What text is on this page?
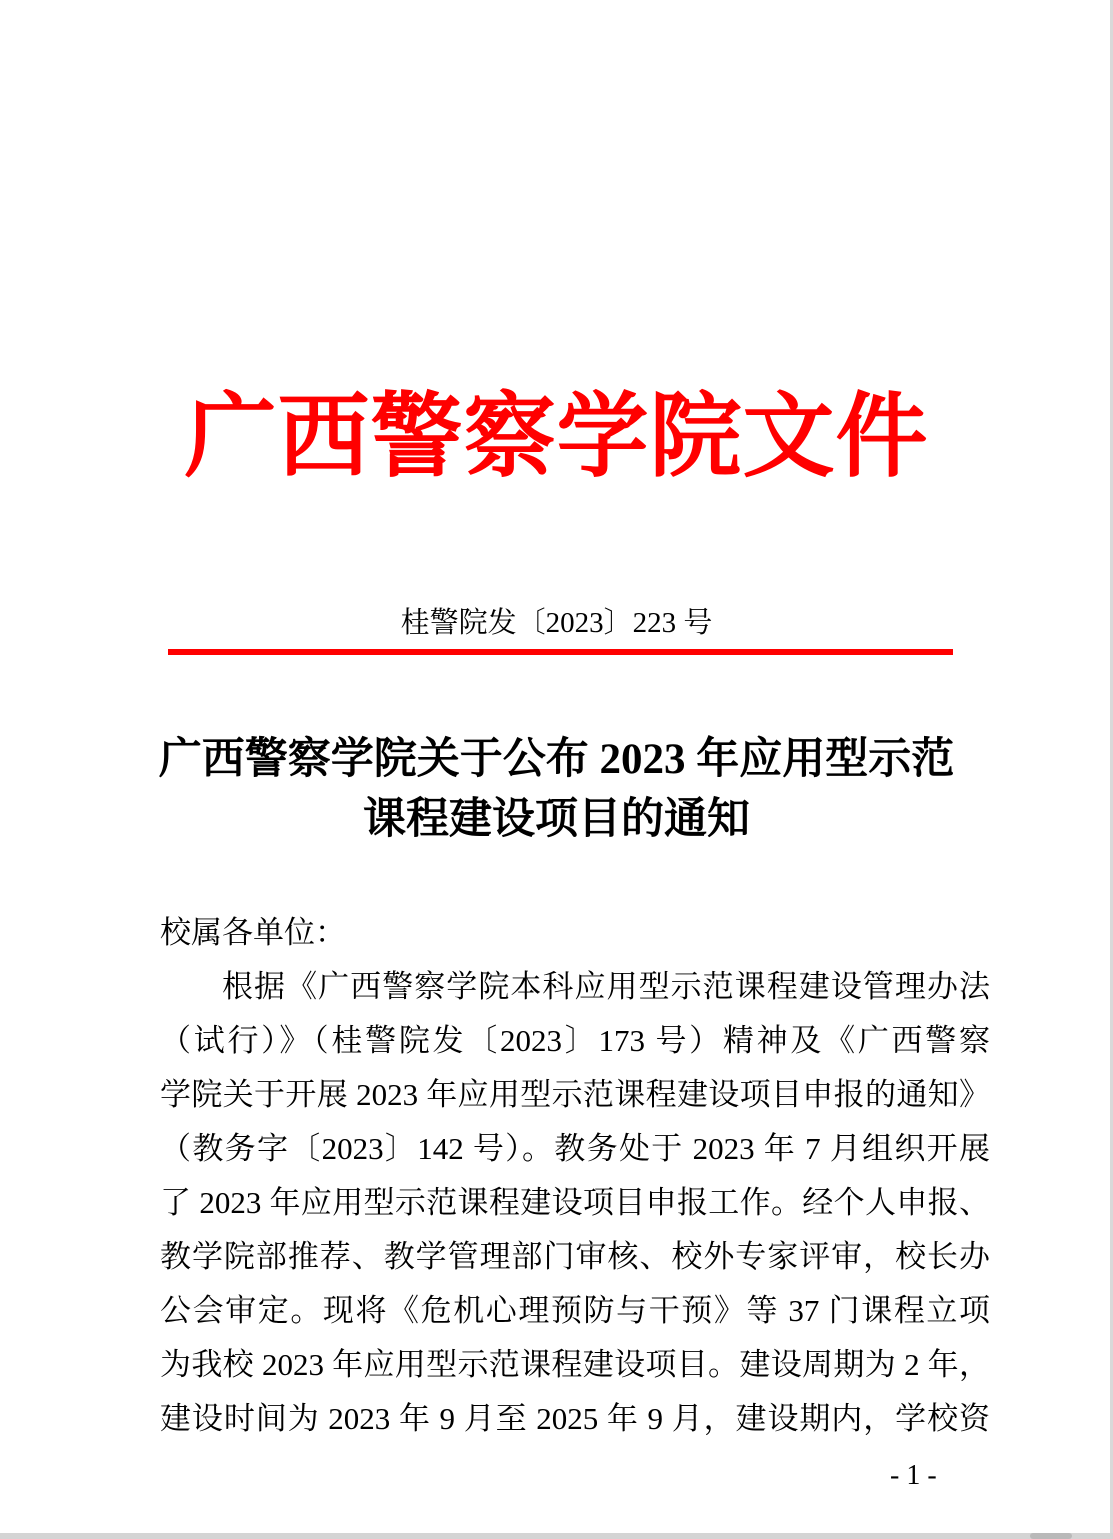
广西警察学院文件
桂警院发〔2023〕223 号
广西警察学院关于公布 2023 年应用型示范
课程建设项目的通知
校属各单位：
根据《广西警察学院本科应用型示范课程建设管理办法
（试行）》（桂警院发〔2023〕173 号）精神及《广西警察
学院关于开展 2023 年应用型示范课程建设项目申报的通知》
（教务字〔2023〕142 号）。教务处于 2023 年 7 月组织开展
了 2023 年应用型示范课程建设项目申报工作。经个人申报、
教学院部推荐、教学管理部门审核、校外专家评审，校长办
公会审定。现将《危机心理预防与干预》等 37 门课程立项
为我校 2023 年应用型示范课程建设项目。建设周期为 2 年，
建设时间为 2023 年 9 月至 2025 年 9 月，建设期内，学校资
- 1 -
